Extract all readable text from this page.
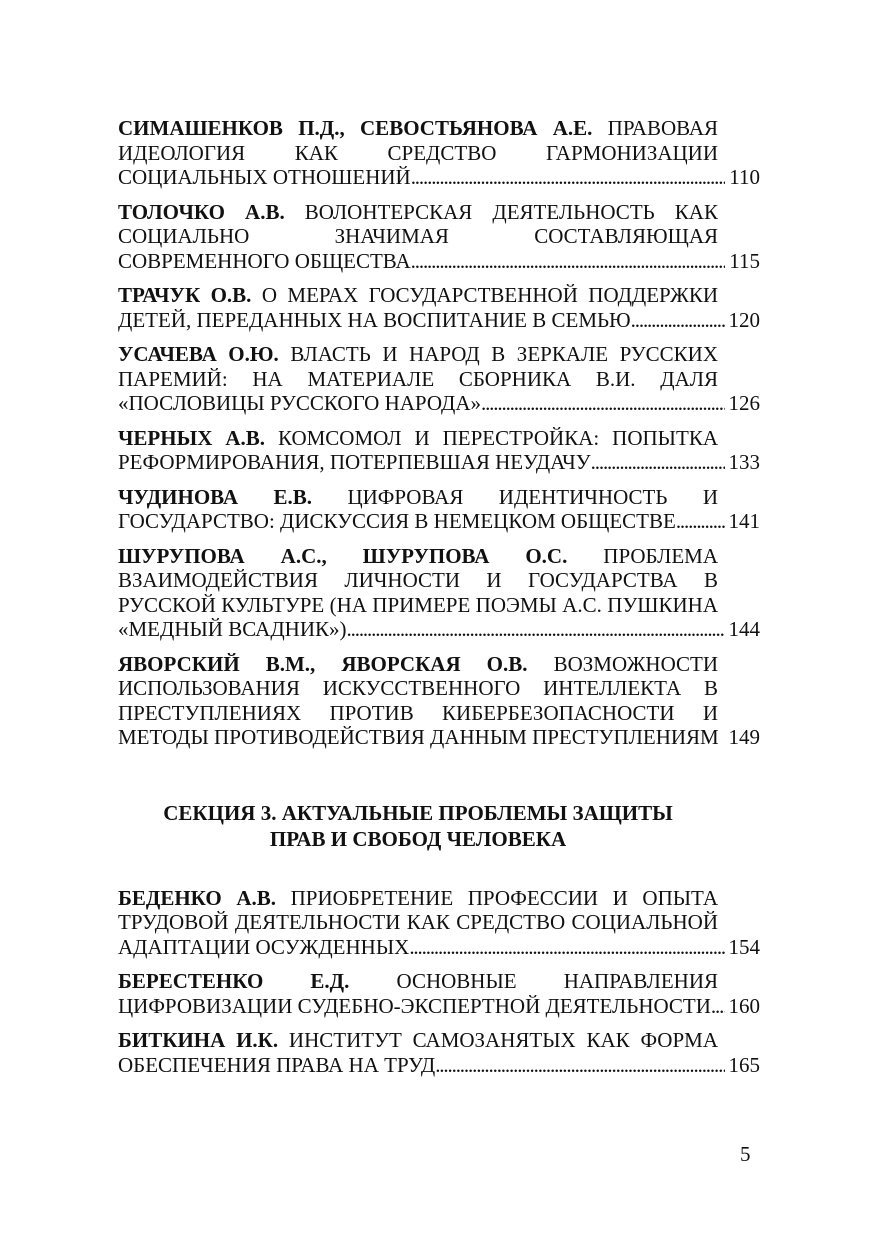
СИМАШЕНКОВ П.Д., СЕВОСТЬЯНОВА А.Е. ПРАВОВАЯ
ИДЕОЛОГИЯ КАК СРЕДСТВО ГАРМОНИЗАЦИИ
СОЦИАЛЬНЫХ ОТНОШЕНИЙ . . .	110
ТОЛОЧКО А.В. ВОЛОНТЕРСКАЯ ДЕЯТЕЛЬНОСТЬ КАК
СОЦИАЛЬНО ЗНАЧИМАЯ СОСТАВЛЯЮЩАЯ
СОВРЕМЕННОГО ОБЩЕСТВА . . .	115
ТРАЧУК О.В. О МЕРАХ ГОСУДАРСТВЕННОЙ ПОДДЕРЖКИ
ДЕТЕЙ, ПЕРЕДАННЫХ НА ВОСПИТАНИЕ В СЕМЬЮ . . .	120
УСАЧЕВА О.Ю. ВЛАСТЬ И НАРОД В ЗЕРКАЛЕ РУССКИХ
ПАРЕМИЙ: НА МАТЕРИАЛЕ СБОРНИКА В.И. ДАЛЯ
«ПОСЛОВИЦЫ РУССКОГО НАРОДА» . . .	126
ЧЕРНЫХ А.В. КОМСОМОЛ И ПЕРЕСТРОЙКА: ПОПЫТКА
РЕФОРМИРОВАНИЯ, ПОТЕРПЕВШАЯ НЕУДАЧУ . . .	133
ЧУДИНОВА Е.В. ЦИФРОВАЯ ИДЕНТИЧНОСТЬ И
ГОСУДАРСТВО: ДИСКУССИЯ В НЕМЕЦКОМ ОБЩЕСТВЕ . . .	141
ШУРУПОВА А.С., ШУРУПОВА О.С. ПРОБЛЕМА
ВЗАИМОДЕЙСТВИЯ ЛИЧНОСТИ И ГОСУДАРСТВА В
РУССКОЙ КУЛЬТУРЕ (НА ПРИМЕРЕ ПОЭМЫ А.С. ПУШКИНА
«МЕДНЫЙ ВСАДНИК») . . .	144
ЯВОРСКИЙ В.М., ЯВОРСКАЯ О.В. ВОЗМОЖНОСТИ
ИСПОЛЬЗОВАНИЯ ИСКУССТВЕННОГО ИНТЕЛЛЕКТА В
ПРЕСТУПЛЕНИЯХ ПРОТИВ КИБЕРБЕЗОПАСНОСТИ И
МЕТОДЫ ПРОТИВОДЕЙСТВИЯ ДАННЫМ ПРЕСТУПЛЕНИЯМ 149
СЕКЦИЯ 3. АКТУАЛЬНЫЕ ПРОБЛЕМЫ ЗАЩИТЫ
ПРАВ И СВОБОД ЧЕЛОВЕКА
БЕДЕНКО А.В. ПРИОБРЕТЕНИЕ ПРОФЕССИИ И ОПЫТА
ТРУДОВОЙ ДЕЯТЕЛЬНОСТИ КАК СРЕДСТВО СОЦИАЛЬНОЙ
АДАПТАЦИИ ОСУЖДЕННЫХ . . .	154
БЕРЕСТЕНКО Е.Д. ОСНОВНЫЕ НАПРАВЛЕНИЯ
ЦИФРОВИЗАЦИИ СУДЕБНО-ЭКСПЕРТНОЙ ДЕЯТЕЛЬНОСТИ . . . 160
БИТКИНА И.К. ИНСТИТУТ САМОЗАНЯТЫХ КАК ФОРМА
ОБЕСПЕЧЕНИЯ ПРАВА НА ТРУД . . .	165
5
